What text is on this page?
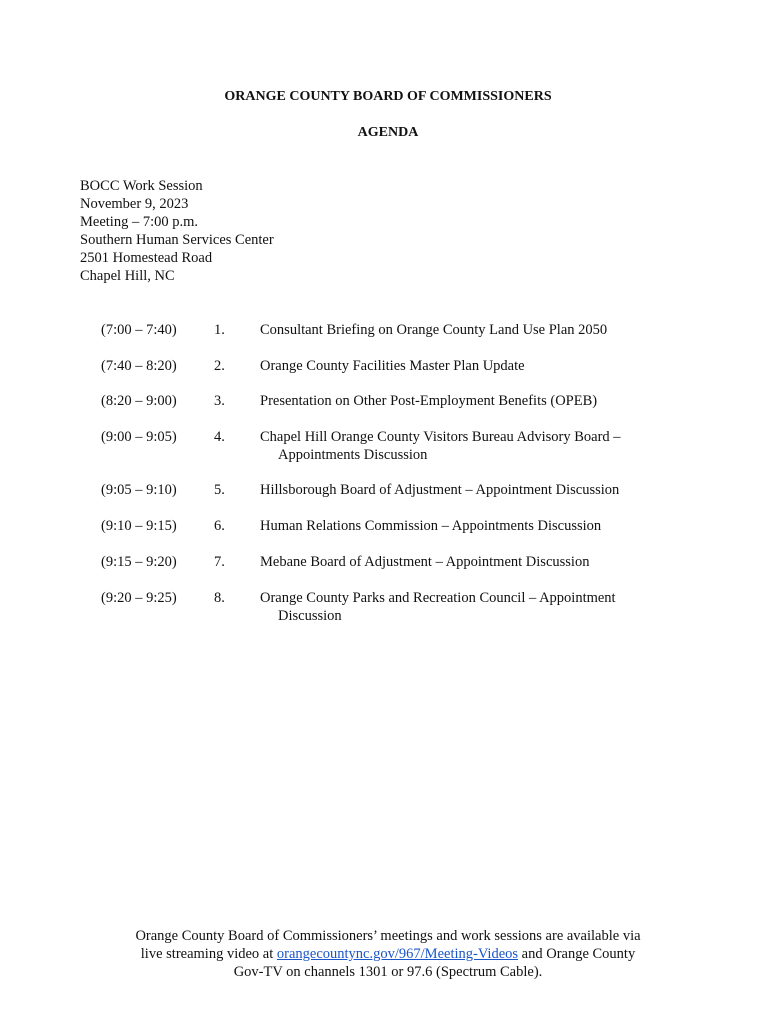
ORANGE COUNTY BOARD OF COMMISSIONERS
AGENDA
BOCC Work Session
November 9, 2023
Meeting – 7:00 p.m.
Southern Human Services Center
2501 Homestead Road
Chapel Hill, NC
(7:00 – 7:40)	1. Consultant Briefing on Orange County Land Use Plan 2050
(7:40 – 8:20)	2. Orange County Facilities Master Plan Update
(8:20 – 9:00)	3. Presentation on Other Post-Employment Benefits (OPEB)
(9:00 – 9:05)	4. Chapel Hill Orange County Visitors Bureau Advisory Board –
Appointments Discussion
(9:05 – 9:10)	5. Hillsborough Board of Adjustment – Appointment Discussion
(9:10 – 9:15)	6. Human Relations Commission – Appointments Discussion
(9:15 – 9:20)	7. Mebane Board of Adjustment – Appointment Discussion
(9:20 – 9:25)	8. Orange County Parks and Recreation Council – Appointment
Discussion
Orange County Board of Commissioners’ meetings and work sessions are available via
live streaming video at orangecountync.gov/967/Meeting-Videos and Orange County
Gov-TV on channels 1301 or 97.6 (Spectrum Cable).
